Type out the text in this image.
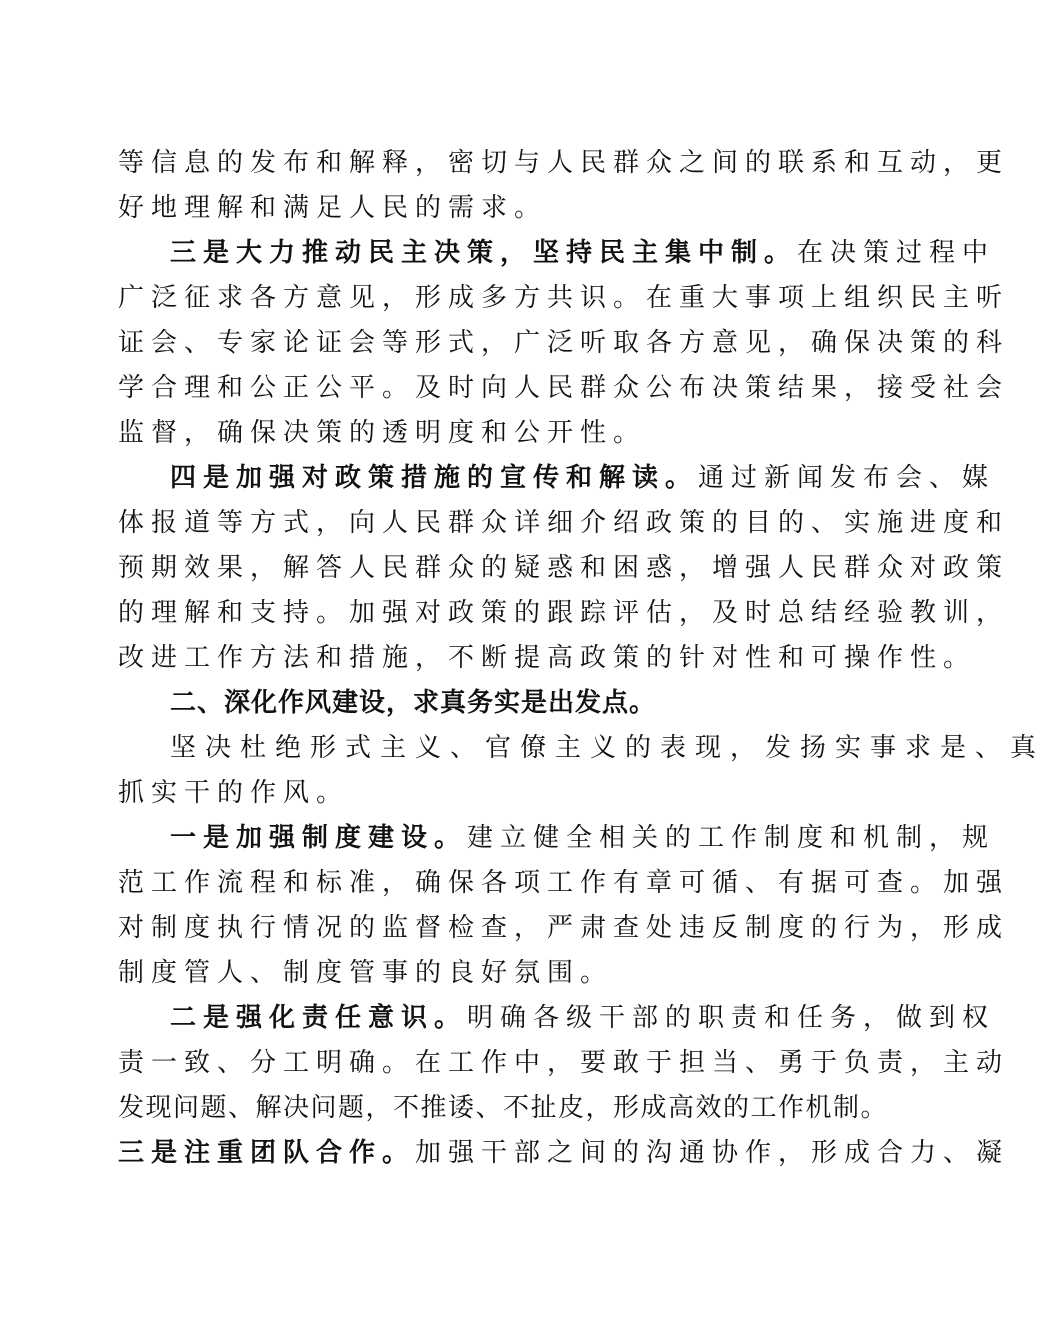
等信息的发布和解释，密切与人民群众之间的联系和互动，更
好地理解和满足人民的需求。
三是大力推动民主决策，坚持民主集中制。在决策过程中
广泛征求各方意见，形成多方共识。在重大事项上组织民主听
证会、专家论证会等形式，广泛听取各方意见，确保决策的科
学合理和公正公平。及时向人民群众公布决策结果，接受社会
监督，确保决策的透明度和公开性。
四是加强对政策措施的宣传和解读。通过新闻发布会、媒
体报道等方式，向人民群众详细介绍政策的目的、实施进度和
预期效果，解答人民群众的疑惑和困惑，增强人民群众对政策
的理解和支持。加强对政策的跟踪评估，及时总结经验教训，
改进工作方法和措施，不断提高政策的针对性和可操作性。
二、深化作风建设，求真务实是出发点。
坚决杜绝形式主义、官僚主义的表现，发扬实事求是、真
抓实干的作风。
一是加强制度建设。建立健全相关的工作制度和机制，规
范工作流程和标准，确保各项工作有章可循、有据可查。加强
对制度执行情况的监督检查，严肃查处违反制度的行为，形成
制度管人、制度管事的良好氛围。
二是强化责任意识。明确各级干部的职责和任务，做到权
责一致、分工明确。在工作中，要敢于担当、勇于负责，主动
发现问题、解决问题，不推诿、不扯皮，形成高效的工作机制。
三是注重团队合作。加强干部之间的沟通协作，形成合力、凝
